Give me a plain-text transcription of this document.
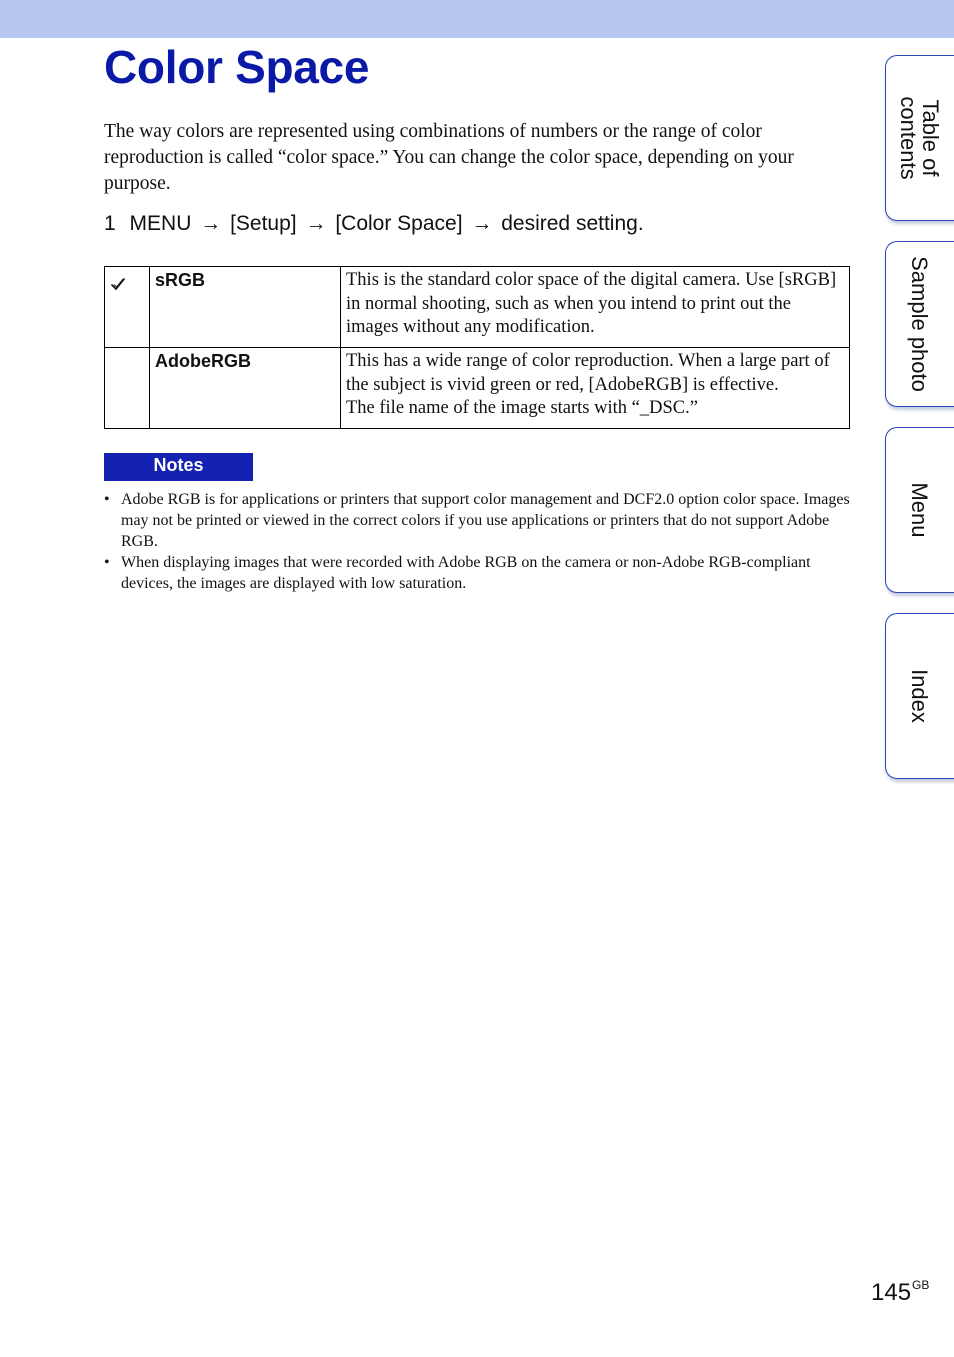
Color Space

The way colors are represented using combinations of numbers or the range of color reproduction is called “color space.” You can change the color space, depending on your purpose.

1 MENU → [Setup] → [Color Space] → desired setting.
	sRGB	This is the standard color space of the digital camera. Use [sRGB] in normal shooting, such as when you intend to print out the images without any modification.
	AdobeRGB	This has a wide range of color reproduction. When a large part of the subject is vivid green or red, [AdobeRGB] is effective.
The file name of the image starts with “_DSC.”
Notes
• Adobe RGB is for applications or printers that support color management and DCF2.0 option color space. Images may not be printed or viewed in the correct colors if you use applications or printers that do not support Adobe RGB.
• When displaying images that were recorded with Adobe RGB on the camera or non-Adobe RGB-compliant devices, the images are displayed with low saturation.
Table of
contents
Sample photo
Menu
Index
$145^{GB}$
